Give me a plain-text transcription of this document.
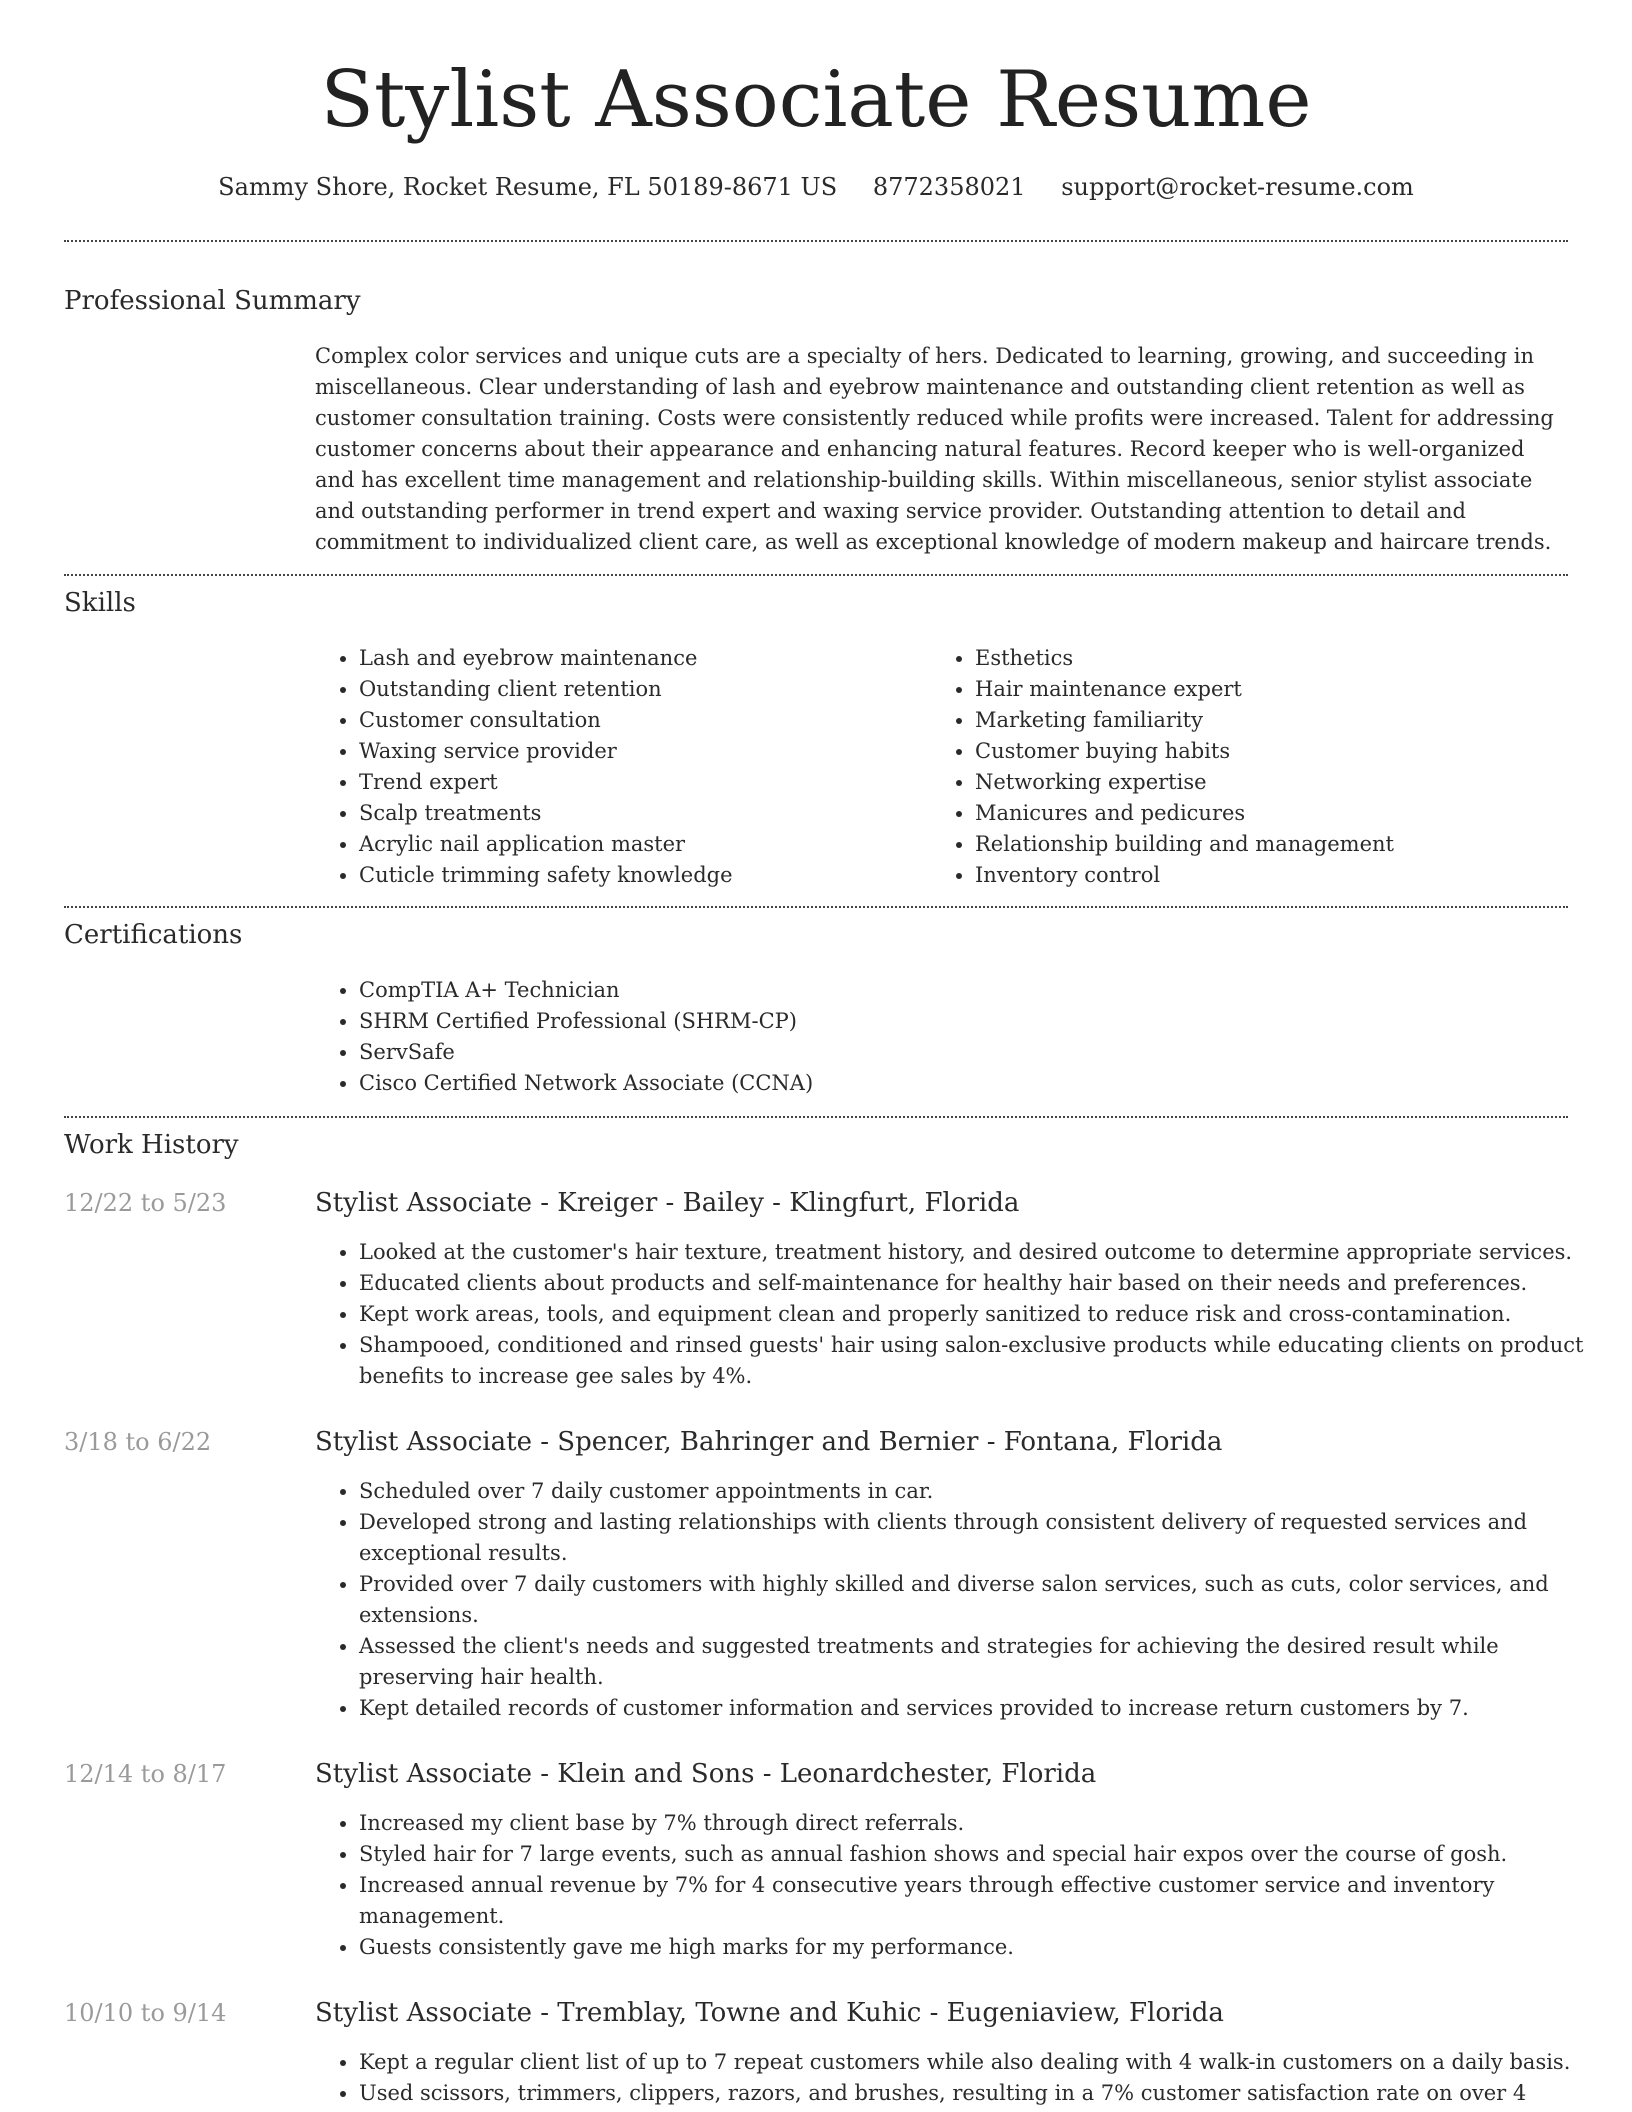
Stylist Associate Resume
Sammy Shore, Rocket Resume, FL 50189-8671 US 8772358021 support@rocket-resume.com
Professional Summary

Complex color services and unique cuts are a specialty of hers. Dedicated to learning, growing, and succeeding in miscellaneous. Clear understanding of lash and eyebrow maintenance and outstanding client retention as well as customer consultation training. Costs were consistently reduced while profits were increased. Talent for addressing customer concerns about their appearance and enhancing natural features. Record keeper who is well-organized and has excellent time management and relationship-building skills. Within miscellaneous, senior stylist associate and outstanding performer in trend expert and waxing service provider. Outstanding attention to detail and commitment to individualized client care, as well as exceptional knowledge of modern makeup and haircare trends.

Skills
• Lash and eyebrow maintenance
• Outstanding client retention
• Customer consultation
• Waxing service provider
• Trend expert
• Scalp treatments
• Acrylic nail application master
• Cuticle trimming safety knowledge
• Esthetics
• Hair maintenance expert
• Marketing familiarity
• Customer buying habits
• Networking expertise
• Manicures and pedicures
• Relationship building and management
• Inventory control
Certifications
• CompTIA A+ Technician
• SHRM Certified Professional (SHRM-CP)
• ServSafe
• Cisco Certified Network Associate (CCNA)
Work History
12/22 to 5/23	Stylist Associate - Kreiger - Bailey - Klingfurt, Florida
• Looked at the customer's hair texture, treatment history, and desired outcome to determine appropriate services.
• Educated clients about products and self-maintenance for healthy hair based on their needs and preferences.
• Kept work areas, tools, and equipment clean and properly sanitized to reduce risk and cross-contamination.
• Shampooed, conditioned and rinsed guests' hair using salon-exclusive products while educating clients on product benefits to increase gee sales by 4%.
3/18 to 6/22	Stylist Associate - Spencer, Bahringer and Bernier - Fontana, Florida
• Scheduled over 7 daily customer appointments in car.
• Developed strong and lasting relationships with clients through consistent delivery of requested services and exceptional results.
• Provided over 7 daily customers with highly skilled and diverse salon services, such as cuts, color services, and extensions.
• Assessed the client's needs and suggested treatments and strategies for achieving the desired result while preserving hair health.
• Kept detailed records of customer information and services provided to increase return customers by 7.
12/14 to 8/17	Stylist Associate - Klein and Sons - Leonardchester, Florida
• Increased my client base by 7% through direct referrals.
• Styled hair for 7 large events, such as annual fashion shows and special hair expos over the course of gosh.
• Increased annual revenue by 7% for 4 consecutive years through effective customer service and inventory management.
• Guests consistently gave me high marks for my performance.
10/10 to 9/14	Stylist Associate - Tremblay, Towne and Kuhic - Eugeniaview, Florida
• Kept a regular client list of up to 7 repeat customers while also dealing with 4 walk-in customers on a daily basis.
• Used scissors, trimmers, clippers, razors, and brushes, resulting in a 7% customer satisfaction rate on over 4
